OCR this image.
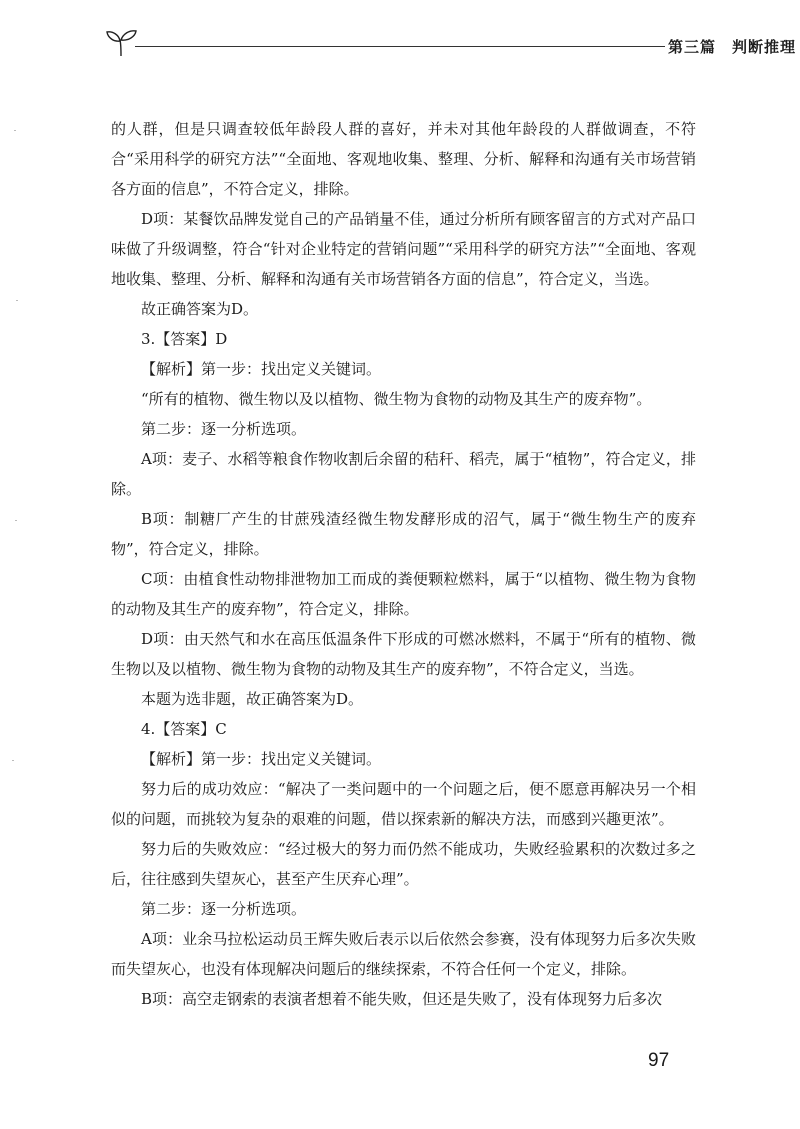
第三篇　判断推理

的人群，但是只调查较低年龄段人群的喜好，并未对其他年龄段的人群做调查，不符合“采用科学的研究方法”“全面地、客观地收集、整理、分析、解释和沟通有关市场营销各方面的信息”，不符合定义，排除。

D项：某餐饮品牌发觉自己的产品销量不佳，通过分析所有顾客留言的方式对产品口味做了升级调整，符合“针对企业特定的营销问题”“采用科学的研究方法”“全面地、客观地收集、整理、分析、解释和沟通有关市场营销各方面的信息”，符合定义，当选。

故正确答案为D。

3.【答案】D

【解析】第一步：找出定义关键词。

“所有的植物、微生物以及以植物、微生物为食物的动物及其生产的废弃物”。

第二步：逐一分析选项。

A项：麦子、水稻等粮食作物收割后余留的秸秆、稻壳，属于“植物”，符合定义，排除。

B项：制糖厂产生的甘蔗残渣经微生物发酵形成的沼气，属于“微生物生产的废弃物”，符合定义，排除。

C项：由植食性动物排泄物加工而成的粪便颗粒燃料，属于“以植物、微生物为食物的动物及其生产的废弃物”，符合定义，排除。

D项：由天然气和水在高压低温条件下形成的可燃冰燃料，不属于“所有的植物、微生物以及以植物、微生物为食物的动物及其生产的废弃物”，不符合定义，当选。

本题为选非题，故正确答案为D。

4.【答案】C

【解析】第一步：找出定义关键词。

努力后的成功效应：“解决了一类问题中的一个问题之后，便不愿意再解决另一个相似的问题，而挑较为复杂的艰难的问题，借以探索新的解决方法，而感到兴趣更浓”。

努力后的失败效应：“经过极大的努力而仍然不能成功，失败经验累积的次数过多之后，往往感到失望灰心，甚至产生厌弃心理”。

第二步：逐一分析选项。

A项：业余马拉松运动员王辉失败后表示以后依然会参赛，没有体现努力后多次失败而失望灰心，也没有体现解决问题后的继续探索，不符合任何一个定义，排除。

B项：高空走钢索的表演者想着不能失败，但还是失败了，没有体现努力后多次

97
